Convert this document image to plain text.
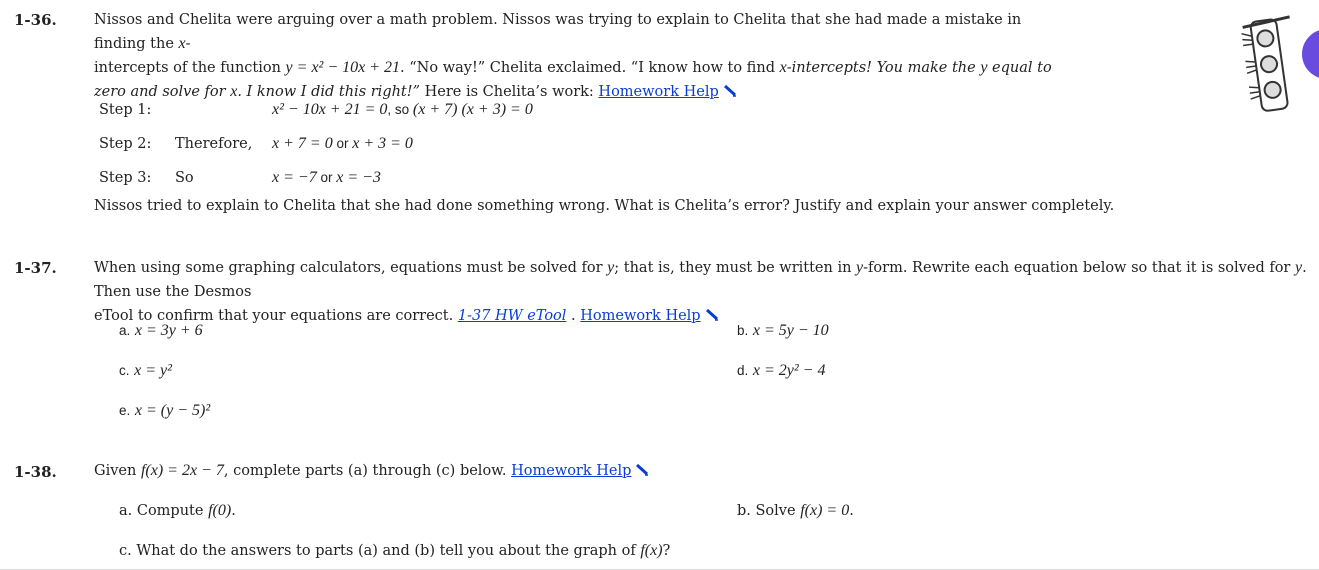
1-36.	Nissos and Chelita were arguing over a math problem. Nissos was trying to explain to Chelita that she had made a mistake in finding the x-
intercepts of the function y = x² − 10x + 21. “No way!” Chelita exclaimed. “I know how to find x-intercepts! You make the y equal to
zero and solve for x. I know I did this right!” Here is Chelita’s work: Homework Help
Step 1:	x² − 10x + 21 = 0, so (x + 7) (x + 3) = 0
Step 2: Therefore, x + 7 = 0 or x + 3 = 0
Step 3: So	x = −7 or x = −3
Nissos tried to explain to Chelita that she had done something wrong. What is Chelita’s error? Justify and explain your answer completely.
1-37.	When using some graphing calculators, equations must be solved for y; that is, they must be written in y-form. Rewrite each equation below so that it is solved for y. Then use the Desmos
eTool to confirm that your equations are correct. 1-37 HW eTool . Homework Help
a. x = 3y + 6	b. x = 5y − 10
c. x = y²	d. x = 2y² − 4
e. x = (y − 5)²
1-38.	Given f(x) = 2x − 7, complete parts (a) through (c) below. Homework Help
a. Compute f(0).	b. Solve f(x) = 0.
c. What do the answers to parts (a) and (b) tell you about the graph of f(x)?
